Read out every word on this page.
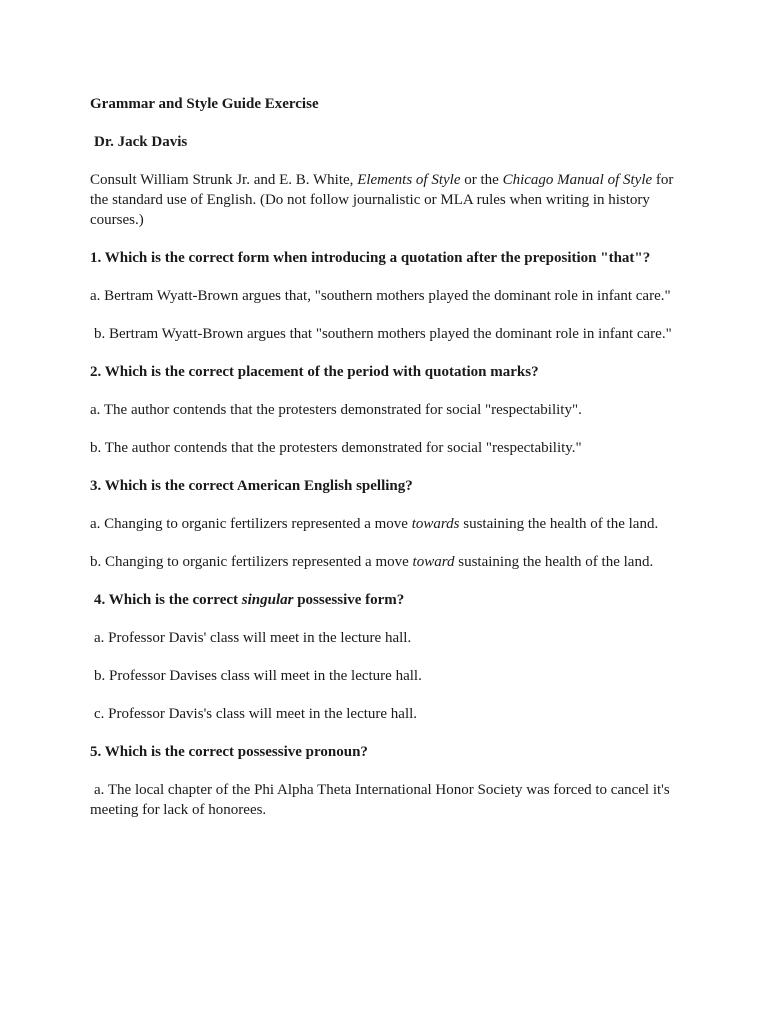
Grammar and Style Guide Exercise

Dr. Jack Davis

Consult William Strunk Jr. and E. B. White, Elements of Style or the Chicago Manual of Style for the standard use of English. (Do not follow journalistic or MLA rules when writing in history courses.)

1. Which is the correct form when introducing a quotation after the preposition "that"?

a. Bertram Wyatt-Brown argues that, "southern mothers played the dominant role in infant care."

b. Bertram Wyatt-Brown argues that "southern mothers played the dominant role in infant care."

2. Which is the correct placement of the period with quotation marks?

a. The author contends that the protesters demonstrated for social "respectability".

b. The author contends that the protesters demonstrated for social "respectability."

3. Which is the correct American English spelling?

a. Changing to organic fertilizers represented a move towards sustaining the health of the land.

b. Changing to organic fertilizers represented a move toward sustaining the health of the land.

4. Which is the correct singular possessive form?

a. Professor Davis' class will meet in the lecture hall.

b. Professor Davises class will meet in the lecture hall.

c. Professor Davis's class will meet in the lecture hall.

5. Which is the correct possessive pronoun?

a. The local chapter of the Phi Alpha Theta International Honor Society was forced to cancel it's meeting for lack of honorees.
